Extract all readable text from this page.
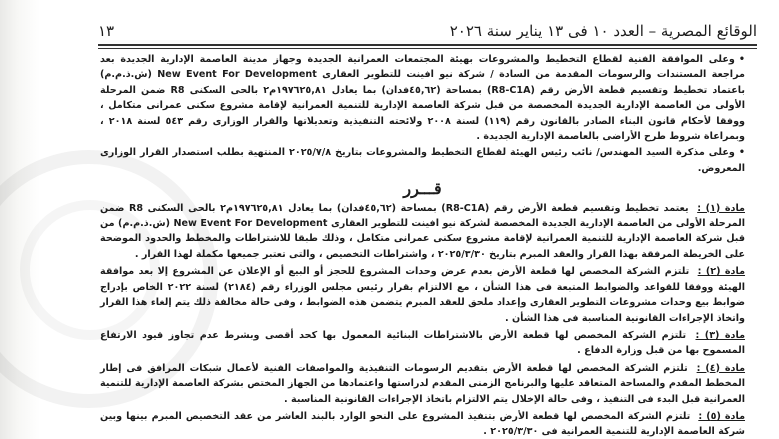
الوقائع المصرية – العدد ١٠ فى ١٣ يناير سنة ٢٠٢٦
١٣

• وعلى الموافقة الفنية لقطاع التخطيط والمشروعات بهيئة المجتمعات العمرانية الجديدة وجهاز مدينة العاصمة الإدارية الجديدة بعد مراجعة المستندات والرسومات المقدمة من السادة / شركة نيو افينت للتطوير العقارى New Event For Development (ش.ذ.م.م) باعتماد تخطيط وتقسيم قطعة الأرض رقم (R8-C1A) بمساحة (٤٥,٦٢فدان) بما يعادل ١٩٧٦٢٥,٨١م٢ بالحى السكنى R8 ضمن المرحلة الأولى من العاصمة الإدارية الجديدة المخصصة من قبل شركة العاصمة الإدارية للتنمية العمرانية لإقامة مشروع سكنى عمرانى متكامل ، ووفقا لأحكام قانون البناء الصادر بالقانون رقم (١١٩) لسنة ٢٠٠٨ ولائحته التنفيذية وتعديلاتها والقرار الوزارى رقم ٥٤٣ لسنة ٢٠١٨ ، وبمراعاة شروط طرح الأراضى بالعاصمة الإدارية الجديدة .

• وعلى مذكرة السيد المهندس/ نائب رئيس الهيئة لقطاع التخطيط والمشروعات بتاريخ ٢٠٢٥/٧/٨ المنتهية بطلب استصدار القرار الوزارى المعروض.

قـــرر

مادة (١) : يعتمد تخطيط وتقسيم قطعة الأرض رقم (R8-C1A) بمساحة (٤٥,٦٢فدان) بما يعادل ١٩٧٦٢٥,٨١م٢ بالحى السكنى R8 ضمن المرحلة الأولى من العاصمة الإدارية الجديدة المخصصة لشركة نيو افينت للتطوير العقارى New Event For Development (ش.ذ.م.م) من قبل شركة العاصمة الإدارية للتنمية العمرانية لإقامة مشروع سكنى عمرانى متكامل ، وذلك طبقا للاشتراطات والمخطط والحدود الموضحة على الخريطة المرفقة بهذا القرار والعقد المبرم بتاريخ ٢٠٢٥/٣/٣٠ ، واشتراطات التخصيص ، والتى تعتبر جميعها مكملة لهذا القرار .

مادة (٢) : تلتزم الشركة المخصص لها قطعة الأرض بعدم عرض وحدات المشروع للحجز أو البيع أو الإعلان عن المشروع إلا بعد موافقة الهيئة ووفقا للقواعد والضوابط المتبعة فى هذا الشأن ، مع الالتزام بقرار رئيس مجلس الوزراء رقم (٢١٨٤) لسنة ٢٠٢٢ الخاص بإدراج ضوابط بيع وحدات مشروعات التطوير العقارى وإعداد ملحق للعقد المبرم يتضمن هذه الضوابط ، وفى حالة مخالفة ذلك يتم إلغاء هذا القرار واتخاذ الإجراءات القانونية المناسبة فى هذا الشأن .

مادة (٣) : تلتزم الشركة المخصص لها قطعة الأرض بالاشتراطات البنائية المعمول بها كحد أقصى وبشرط عدم تجاوز قيود الارتفاع المسموح بها من قبل وزارة الدفاع .

مادة (٤) : تلتزم الشركة المخصص لها قطعة الأرض بتقديم الرسومات التنفيذية والمواصفات الفنية لأعمال شبكات المرافق فى إطار المخطط المقدم والمساحة المتعاقد عليها والبرنامج الزمنى المقدم لدراستها واعتمادها من الجهاز المختص بشركة العاصمة الإدارية للتنمية العمرانية قبل البدء فى التنفيذ ، وفى حالة الإخلال يتم الالتزام باتخاذ الإجراءات القانونية المناسبة .

مادة (٥) : تلتزم الشركة المخصص لها قطعة الأرض بتنفيذ المشروع على النحو الوارد بالبند العاشر من عقد التخصيص المبرم بينها وبين شركة العاصمة الإدارية للتنمية العمرانية فى ٢٠٢٥/٣/٣٠ .
